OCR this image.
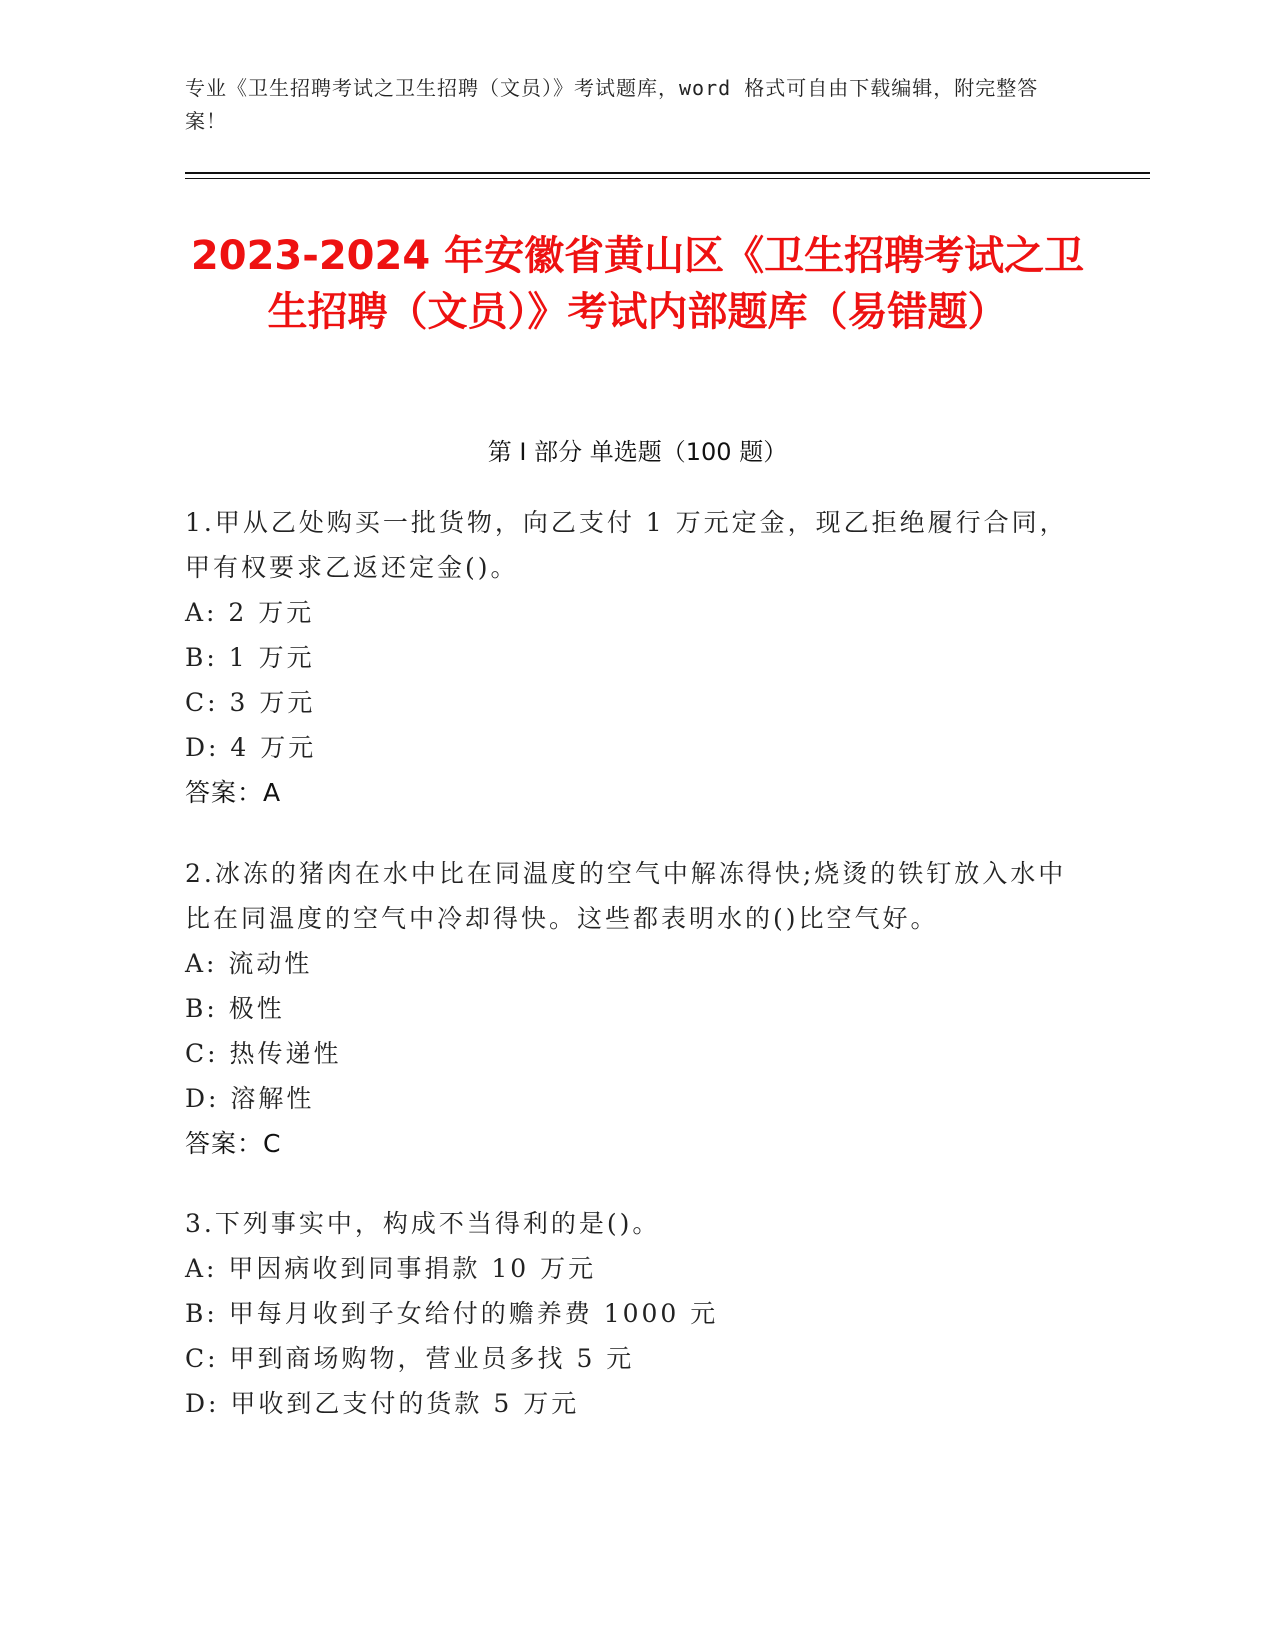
专业《卫生招聘考试之卫生招聘（文员）》考试题库，word 格式可自由下载编辑，附完整答案！
2023-2024 年安徽省黄山区《卫生招聘考试之卫生招聘（文员）》考试内部题库（易错题）
第 I 部分 单选题（100 题）
1.甲从乙处购买一批货物，向乙支付 1 万元定金，现乙拒绝履行合同，甲有权要求乙返还定金()。
A: 2 万元
B: 1 万元
C: 3 万元
D: 4 万元
答案：A
2.冰冻的猪肉在水中比在同温度的空气中解冻得快;烧烫的铁钉放入水中比在同温度的空气中冷却得快。这些都表明水的()比空气好。
A: 流动性
B: 极性
C: 热传递性
D: 溶解性
答案：C
3.下列事实中，构成不当得利的是()。
A: 甲因病收到同事捐款 10 万元
B: 甲每月收到子女给付的赡养费 1000 元
C: 甲到商场购物，营业员多找 5 元
D: 甲收到乙支付的货款 5 万元
